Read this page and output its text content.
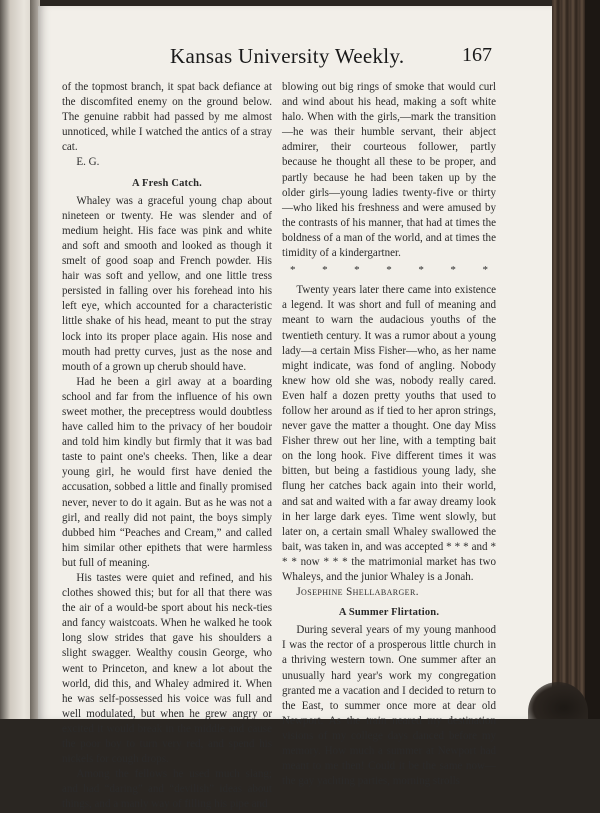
Kansas University Weekly.	167

of the topmost branch, it spat back defiance at the discomfited enemy on the ground below. The genuine rabbit had passed by me almost unnoticed, while I watched the antics of a stray cat.

E. G.

A Fresh Catch.

Whaley was a graceful young chap about nineteen or twenty. He was slender and of medium height. His face was pink and white and soft and smooth and looked as though it smelt of good soap and French powder. His hair was soft and yellow, and one little tress persisted in falling over his forehead into his left eye, which accounted for a characteristic little shake of his head, meant to put the stray lock into its proper place again. His nose and mouth had pretty curves, just as the nose and mouth of a grown up cherub should have.

Had he been a girl away at a boarding school and far from the influence of his own sweet mother, the preceptress would doubtless have called him to the privacy of her boudoir and told him kindly but firmly that it was bad taste to paint one's cheeks. Then, like a dear young girl, he would first have denied the accusation, sobbed a little and finally promised never, never to do it again. But as he was not a girl, and really did not paint, the boys simply dubbed him “Peaches and Cream,” and called him similar other epithets that were harmless but full of meaning.

His tastes were quiet and refined, and his clothes showed this; but for all that there was the air of a would-be sport about his neck-ties and fancy waistcoats. When he walked he took long slow strides that gave his shoulders a slight swagger. Wealthy cousin George, who went to Princeton, and knew a lot about the world, did this, and Whaley admired it. When he was self-possessed his voice was full and well modulated, but when he grew angry or excited it would break in the middle and cause the poor boy to turn very red, and spend his nickels for cough drops.

Among the fellows he used much slang; and had “daring” and “devilish” ideas about things, and a manly way of filling his pipe and

blowing out big rings of smoke that would curl and wind about his head, making a soft white halo. When with the girls,—mark the transition—he was their humble servant, their abject admirer, their courteous follower, partly because he thought all these to be proper, and partly because he had been taken up by the older girls—young ladies twenty-five or thirty—who liked his freshness and were amused by the contrasts of his manner, that had at times the boldness of a man of the world, and at times the timidity of a kindergartner.

* * * * * * *

Twenty years later there came into existence a legend. It was short and full of meaning and meant to warn the audacious youths of the twentieth century. It was a rumor about a young lady—a certain Miss Fisher—who, as her name might indicate, was fond of angling. Nobody knew how old she was, nobody really cared. Even half a dozen pretty youths that used to follow her around as if tied to her apron strings, never gave the matter a thought. One day Miss Fisher threw out her line, with a tempting bait on the long hook. Five different times it was bitten, but being a fastidious young lady, she flung her catches back again into their world, and sat and waited with a far away dreamy look in her large dark eyes. Time went slowly, but later on, a certain small Whaley swallowed the bait, was taken in, and was accepted * * * and * * * now * * * the matrimonial market has two Whaleys, and the junior Whaley is a Jonah.

Josephine Shellabarger.

A Summer Flirtation.

During several years of my young manhood I was the rector of a prosperous little church in a thriving western town. One summer after an unusually hard year's work my congregation granted me a vacation and I decided to return to the East, to summer once more at dear old Newport. As the train neared my destination visions of my college days danced before my memory. How much a summer at Newport had meant to me then! Could it be the same now—the gay yachting parties, morning strolls
